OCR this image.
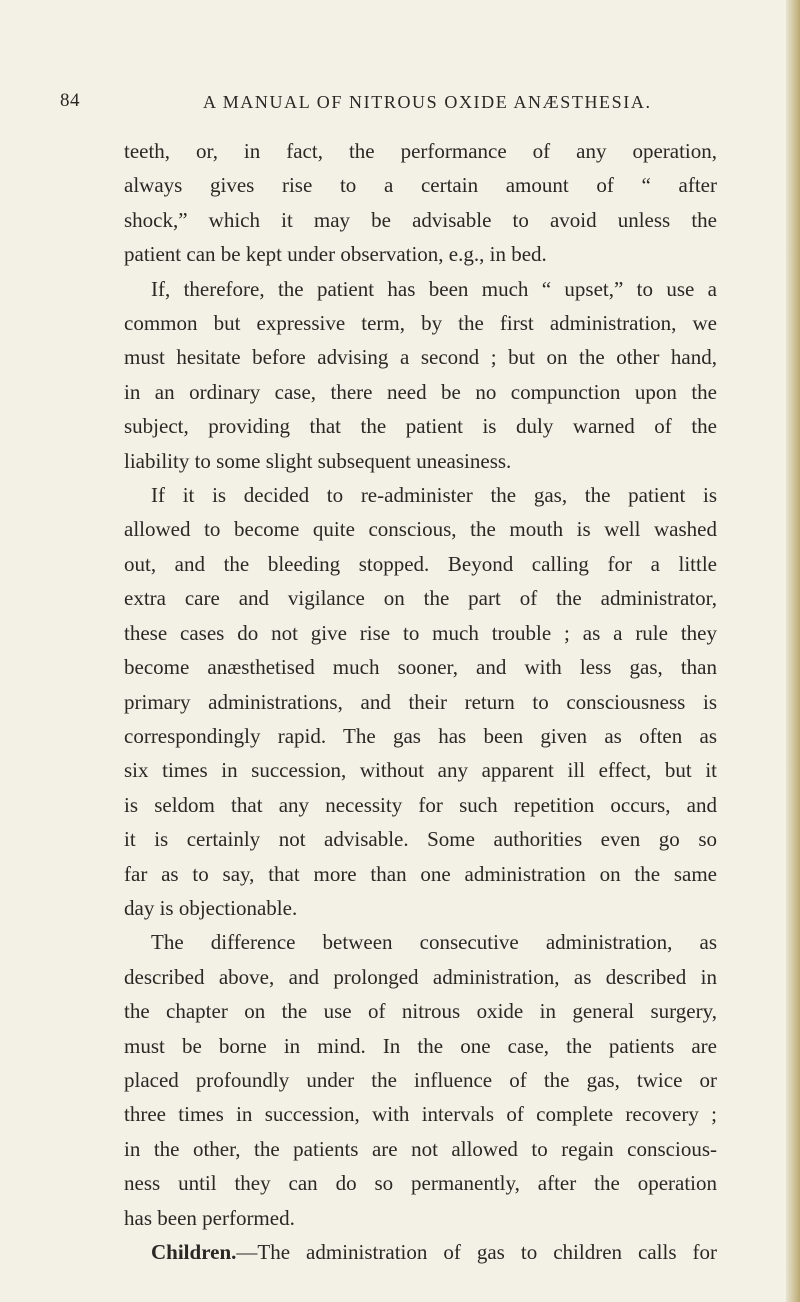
84	A MANUAL OF NITROUS OXIDE ANÆSTHESIA.
teeth, or, in fact, the performance of any operation,
always gives rise to a certain amount of “ after
shock,” which it may be advisable to avoid unless the
patient can be kept under observation, e.g., in bed.
If, therefore, the patient has been much “ upset,” to use a
common but expressive term, by the first administration, we
must hesitate before advising a second ; but on the other hand,
in an ordinary case, there need be no compunction upon the
subject, providing that the patient is duly warned of the
liability to some slight subsequent uneasiness.
If it is decided to re-administer the gas, the patient is
allowed to become quite conscious, the mouth is well washed
out, and the bleeding stopped. Beyond calling for a little
extra care and vigilance on the part of the administrator,
these cases do not give rise to much trouble ; as a rule they
become anæsthetised much sooner, and with less gas, than
primary administrations, and their return to consciousness is
correspondingly rapid. The gas has been given as often as
six times in succession, without any apparent ill effect, but it
is seldom that any necessity for such repetition occurs, and
it is certainly not advisable. Some authorities even go so
far as to say, that more than one administration on the same
day is objectionable.
The difference between consecutive administration, as
described above, and prolonged administration, as described in
the chapter on the use of nitrous oxide in general surgery,
must be borne in mind. In the one case, the patients are
placed profoundly under the influence of the gas, twice or
three times in succession, with intervals of complete recovery ;
in the other, the patients are not allowed to regain conscious-
ness until they can do so permanently, after the operation
has been performed.
Children.—The administration of gas to children calls for
